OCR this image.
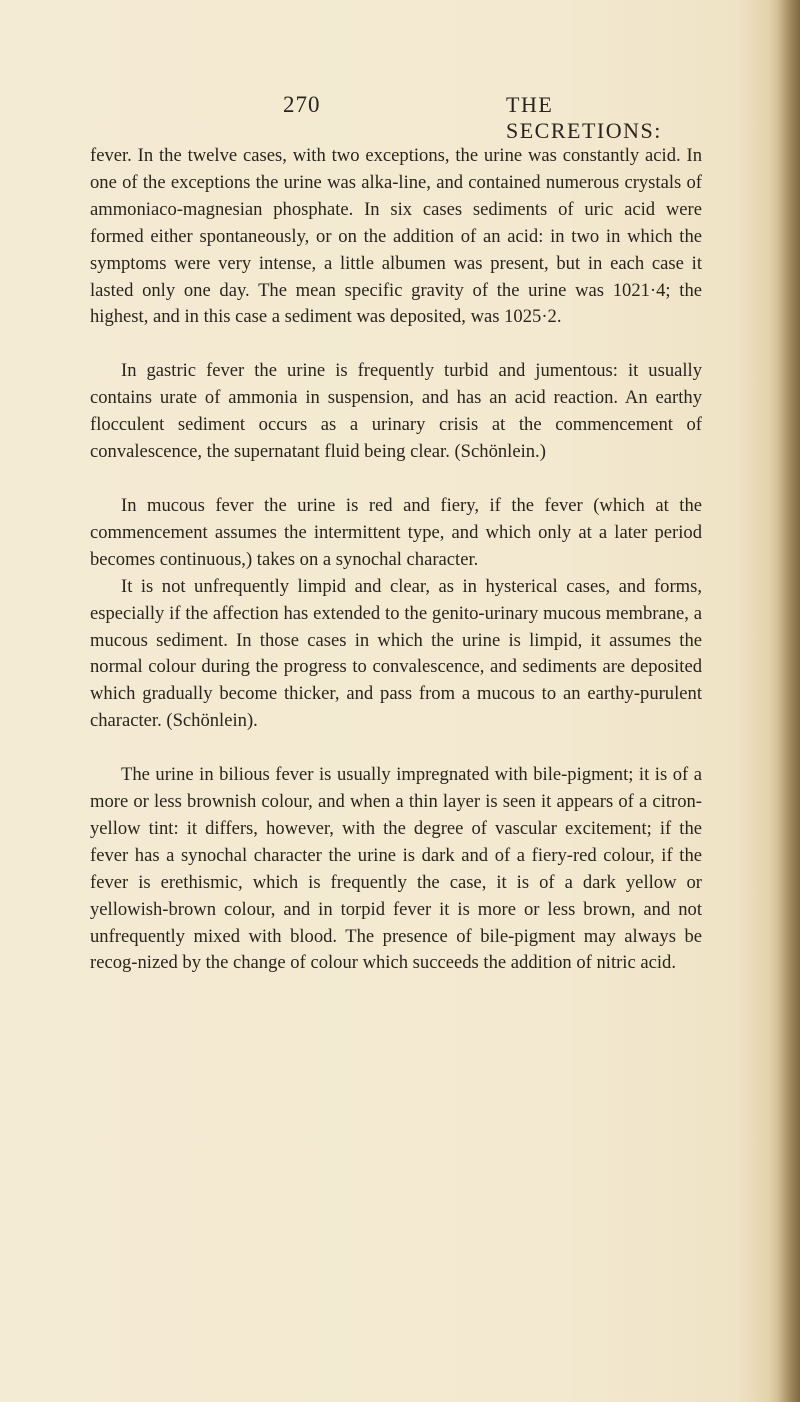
270	THE SECRETIONS:

fever. In the twelve cases, with two exceptions, the urine was constantly acid. In one of the exceptions the urine was alka-line, and contained numerous crystals of ammoniaco-magnesian phosphate. In six cases sediments of uric acid were formed either spontaneously, or on the addition of an acid: in two in which the symptoms were very intense, a little albumen was present, but in each case it lasted only one day. The mean specific gravity of the urine was 1021·4; the highest, and in this case a sediment was deposited, was 1025·2.

In gastric fever the urine is frequently turbid and jumentous: it usually contains urate of ammonia in suspension, and has an acid reaction. An earthy flocculent sediment occurs as a urinary crisis at the commencement of convalescence, the supernatant fluid being clear. (Schönlein.)

In mucous fever the urine is red and fiery, if the fever (which at the commencement assumes the intermittent type, and which only at a later period becomes continuous,) takes on a synochal character.

It is not unfrequently limpid and clear, as in hysterical cases, and forms, especially if the affection has extended to the genito-urinary mucous membrane, a mucous sediment. In those cases in which the urine is limpid, it assumes the normal colour during the progress to convalescence, and sediments are deposited which gradually become thicker, and pass from a mucous to an earthy-purulent character. (Schönlein).

The urine in bilious fever is usually impregnated with bile-pigment; it is of a more or less brownish colour, and when a thin layer is seen it appears of a citron-yellow tint: it differs, however, with the degree of vascular excitement; if the fever has a synochal character the urine is dark and of a fiery-red colour, if the fever is erethismic, which is frequently the case, it is of a dark yellow or yellowish-brown colour, and in torpid fever it is more or less brown, and not unfrequently mixed with blood. The presence of bile-pigment may always be recog-nized by the change of colour which succeeds the addition of nitric acid.
